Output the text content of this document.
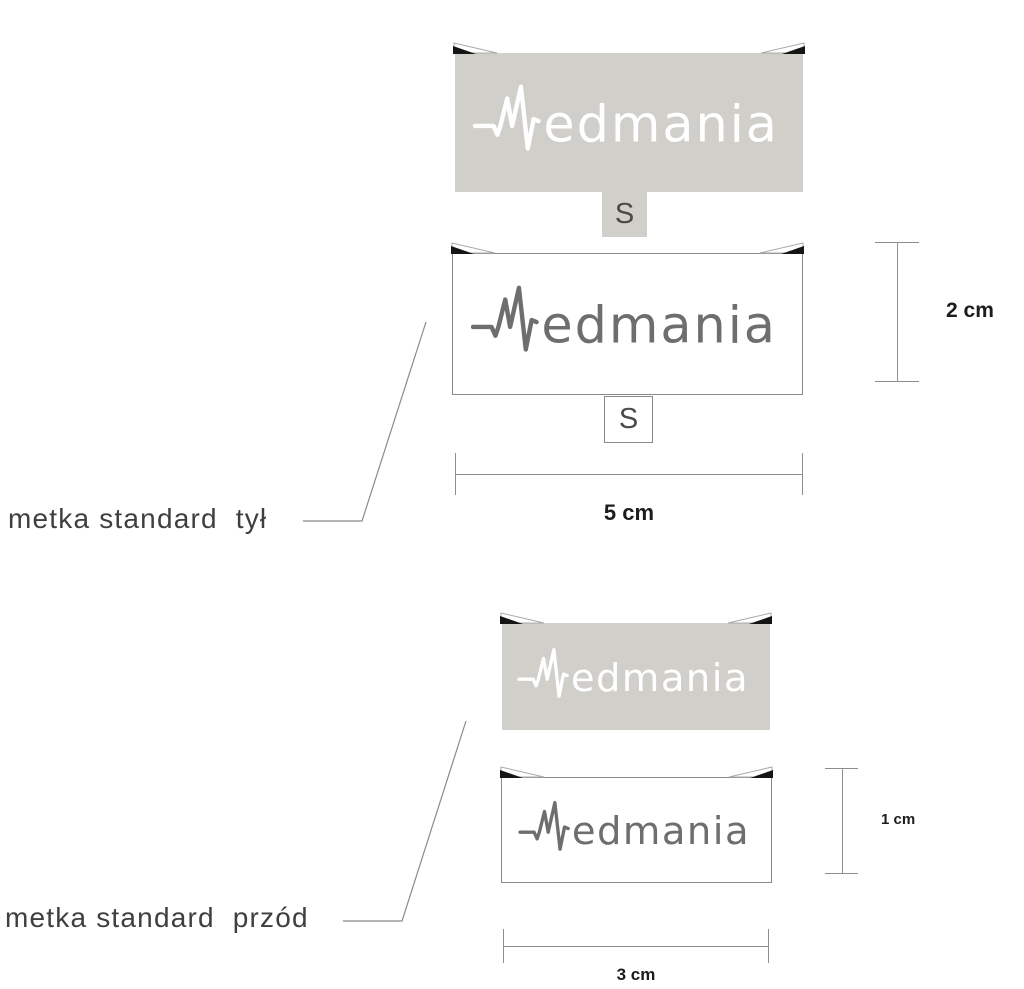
edmania
S
edmania
S
2 cm
5 cm
metka standard  tył
edmania
edmania	1 cm
3 cm
metka standard  przód
